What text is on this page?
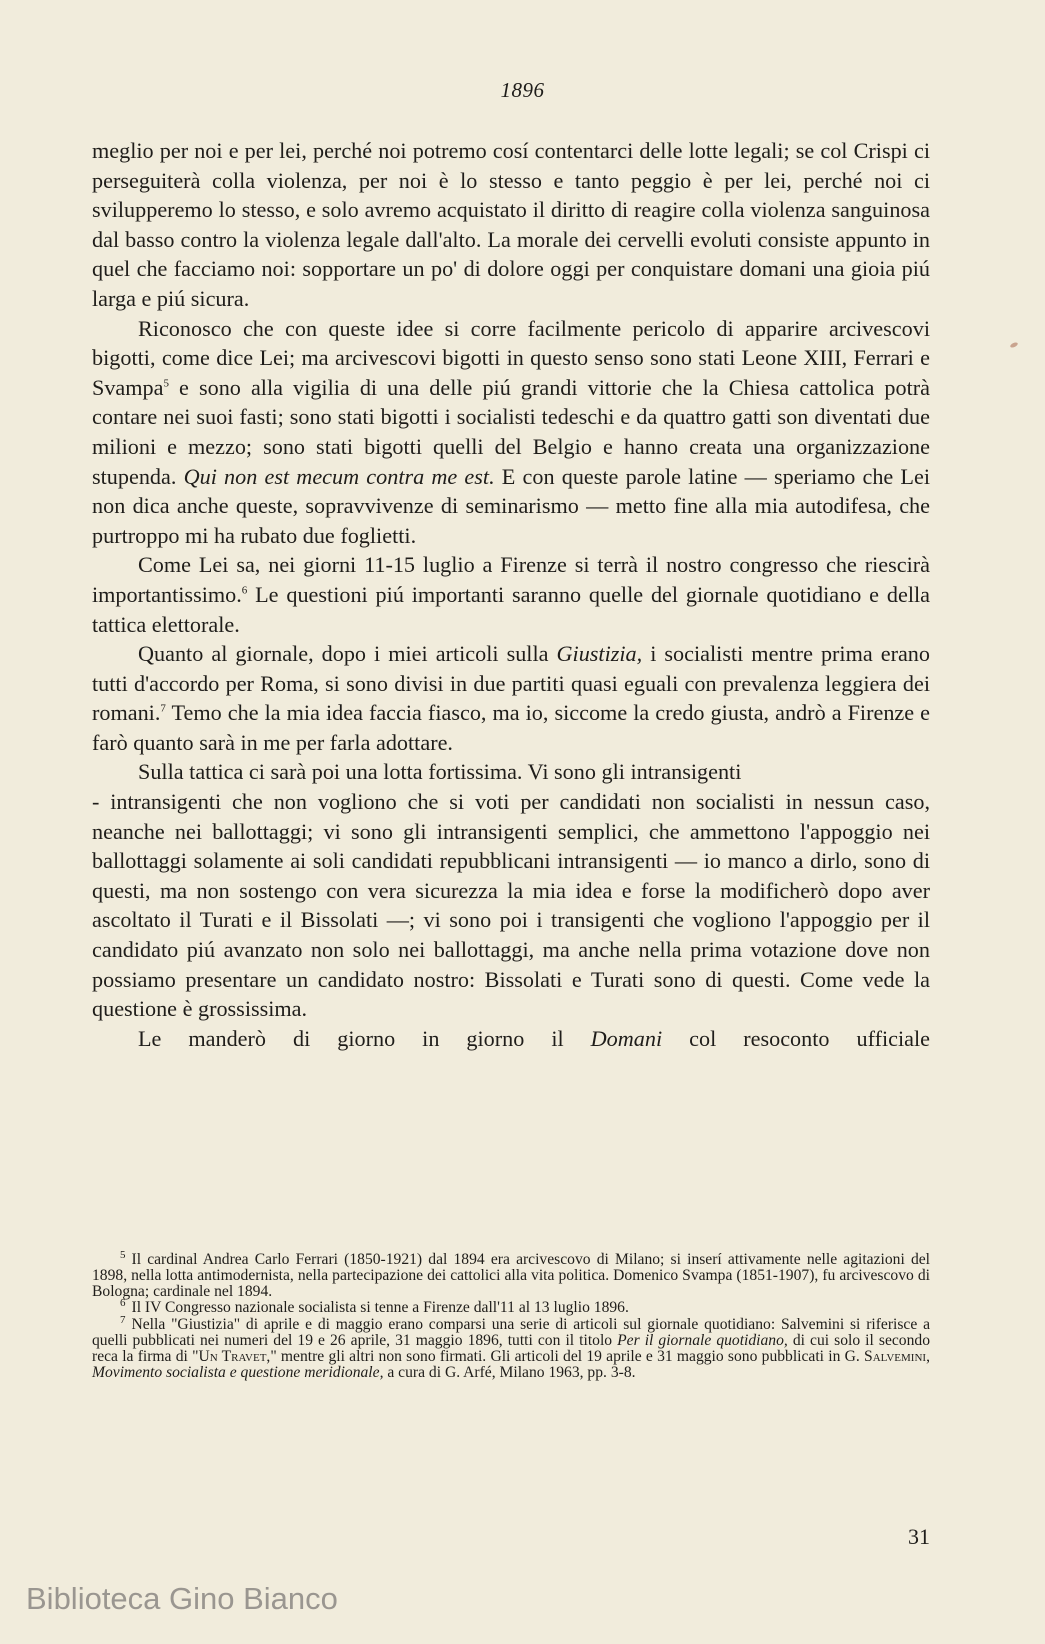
1896

meglio per noi e per lei, perché noi potremo cosí contentarci delle lotte legali; se col Crispi ci perseguiterà colla violenza, per noi è lo stesso e tanto peggio è per lei, perché noi ci svilupperemo lo stesso, e solo avremo acquistato il diritto di reagire colla violenza sanguinosa dal basso contro la violenza legale dall'alto. La morale dei cervelli evoluti consiste appunto in quel che facciamo noi: sopportare un po' di dolore oggi per conquistare domani una gioia piú larga e piú sicura.

Riconosco che con queste idee si corre facilmente pericolo di apparire arcivescovi bigotti, come dice Lei; ma arcivescovi bigotti in questo senso sono stati Leone XIII, Ferrari e Svampa$^5$ e sono alla vigilia di una delle piú grandi vittorie che la Chiesa cattolica potrà contare nei suoi fasti; sono stati bigotti i socialisti tedeschi e da quattro gatti son diventati due milioni e mezzo; sono stati bigotti quelli del Belgio e hanno creata una organizzazione stupenda. Qui non est mecum contra me est. E con queste parole latine — speriamo che Lei non dica anche queste, sopravvivenze di seminarismo — metto fine alla mia autodifesa, che purtroppo mi ha rubato due foglietti.

Come Lei sa, nei giorni 11-15 luglio a Firenze si terrà il nostro congresso che riescirà importantissimo.$^6$ Le questioni piú importanti saranno quelle del giornale quotidiano e della tattica elettorale.

Quanto al giornale, dopo i miei articoli sulla Giustizia, i socialisti mentre prima erano tutti d'accordo per Roma, si sono divisi in due partiti quasi eguali con prevalenza leggiera dei romani.$^7$ Temo che la mia idea faccia fiasco, ma io, siccome la credo giusta, andrò a Firenze e farò quanto sarà in me per farla adottare.

Sulla tattica ci sarà poi una lotta fortissima. Vi sono gli intransigenti

- intransigenti che non vogliono che si voti per candidati non socialisti in nessun caso, neanche nei ballottaggi; vi sono gli intransigenti semplici, che ammettono l'appoggio nei ballottaggi solamente ai soli candidati repubblicani intransigenti — io manco a dirlo, sono di questi, ma non sostengo con vera sicurezza la mia idea e forse la modificherò dopo aver ascoltato il Turati e il Bissolati —; vi sono poi i transigenti che vogliono l'appoggio per il candidato piú avanzato non solo nei ballottaggi, ma anche nella prima votazione dove non possiamo presentare un candidato nostro: Bissolati e Turati sono di questi. Come vede la questione è grossissima.

Le manderò di giorno in giorno il Domani col resoconto ufficiale

$^5$ Il cardinal Andrea Carlo Ferrari (1850-1921) dal 1894 era arcivescovo di Milano; si inserí attivamente nelle agitazioni del 1898, nella lotta antimodernista, nella partecipazione dei cattolici alla vita politica. Domenico Svampa (1851-1907), fu arcivescovo di Bologna; cardinale nel 1894.

$^6$ Il IV Congresso nazionale socialista si tenne a Firenze dall'11 al 13 luglio 1896.

$^7$ Nella "Giustizia" di aprile e di maggio erano comparsi una serie di articoli sul giornale quotidiano: Salvemini si riferisce a quelli pubblicati nei numeri del 19 e 26 aprile, 31 maggio 1896, tutti con il titolo Per il giornale quotidiano, di cui solo il secondo reca la firma di "Un Travet," mentre gli altri non sono firmati. Gli articoli del 19 aprile e 31 maggio sono pubblicati in G. Salvemini, Movimento socialista e questione meridionale, a cura di G. Arfé, Milano 1963, pp. 3-8.

31
Biblioteca Gino Bianco
